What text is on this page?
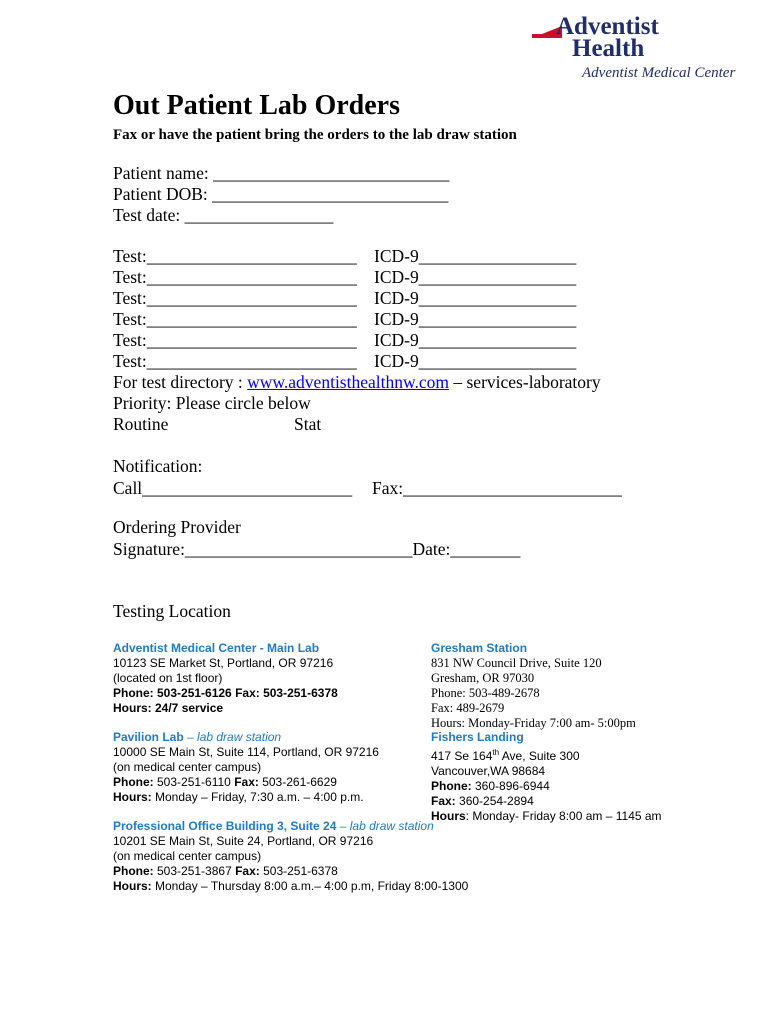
Adventist
Health
Adventist Medical Center
Out Patient Lab Orders
Fax or have the patient bring the orders to the lab draw station
Patient name: ___________________________
Patient DOB: ___________________________
Test date: _________________
Test:________________________ ICD-9__________________
Test:________________________ ICD-9__________________
Test:________________________ ICD-9__________________
Test:________________________ ICD-9__________________
Test:________________________ ICD-9__________________
Test:________________________ ICD-9__________________
For test directory : www.adventisthealthnw.com – services-laboratory
Priority: Please circle below
Routine	Stat
Notification:
Call________________________ Fax:_________________________
Ordering Provider
Signature:__________________________Date:________
Testing Location
Adventist Medical Center - Main Lab
10123 SE Market St, Portland, OR 97216
(located on 1st floor)
Phone: 503-251-6126 Fax: 503-251-6378
Hours: 24/7 service
Gresham Station
831 NW Council Drive, Suite 120
Gresham, OR 97030
Phone: 503-489-2678
Fax: 489-2679
Hours: Monday-Friday 7:00 am- 5:00pm
Pavilion Lab – lab draw station
10000 SE Main St, Suite 114, Portland, OR 97216
(on medical center campus)
Phone: 503-251-6110 Fax: 503-261-6629
Hours: Monday – Friday, 7:30 a.m. – 4:00 p.m.
Fishers Landing
417 Se 164th Ave, Suite 300
Vancouver,WA 98684
Phone: 360-896-6944
Fax: 360-254-2894
Hours: Monday- Friday 8:00 am – 1145 am
Professional Office Building 3, Suite 24 – lab draw station
10201 SE Main St, Suite 24, Portland, OR 97216
(on medical center campus)
Phone: 503-251-3867 Fax: 503-251-6378
Hours: Monday – Thursday 8:00 a.m.– 4:00 p.m, Friday 8:00-1300
